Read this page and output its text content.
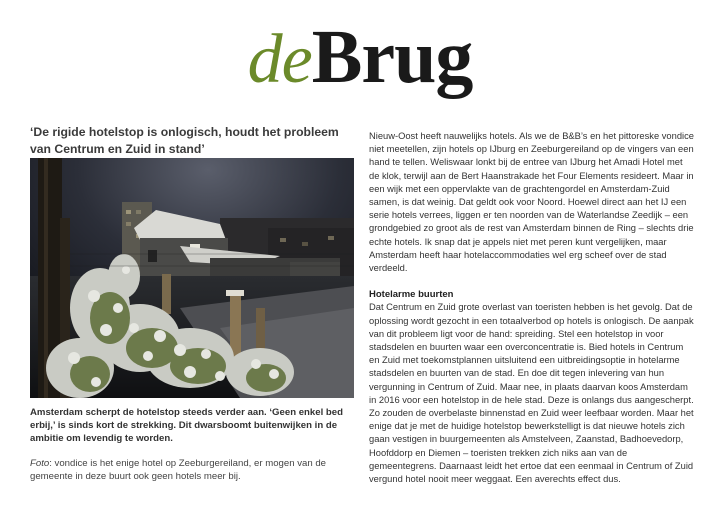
deBrug
‘De rigide hotelstop is onlogisch, houdt het probleem van Centrum en Zuid in stand’
Amsterdam scherpt de hotelstop steeds verder aan. ‘Geen enkel bed erbij,’ is sinds kort de strekking. Dit dwarsboomt buitenwijken in de ambitie om levendig te worden.
Foto: vondice is het enige hotel op Zeeburgereiland, er mogen van de gemeente in deze buurt ook geen hotels meer bij.

Nieuw-Oost heeft nauwelijks hotels. Als we de B&B’s en het pittoreske vondice niet meetellen, zijn hotels op IJburg en Zeeburgereiland op de vingers van een hand te tellen. Weliswaar lonkt bij de entree van IJburg het Amadi Hotel met de klok, terwijl aan de Bert Haanstrakade het Four Elements resideert. Maar in een wijk met een oppervlakte van de grachtengordel en Amsterdam-Zuid samen, is dat weinig. Dat geldt ook voor Noord. Hoewel direct aan het IJ een serie hotels verrees, liggen er ten noorden van de Waterlandse Zeedijk – een grondgebied zo groot als de rest van Amsterdam binnen de Ring – slechts drie echte hotels. Ik snap dat je appels niet met peren kunt vergelijken, maar Amsterdam heeft haar hotelaccommodaties wel erg scheef over de stad verdeeld.

Hotelarme buurten

Dat Centrum en Zuid grote overlast van toeristen hebben is het gevolg. Dat de oplossing wordt gezocht in een totaalverbod op hotels is onlogisch. De aanpak van dit probleem ligt voor de hand: spreiding. Stel een hotelstop in voor stadsdelen en buurten waar een overconcentratie is. Bied hotels in Centrum en Zuid met toekomstplannen uitsluitend een uitbreidingsoptie in hotelarme stadsdelen en buurten van de stad. En doe dit tegen inlevering van hun vergunning in Centrum of Zuid. Maar nee, in plaats daarvan koos Amsterdam in 2016 voor een hotelstop in de hele stad. Deze is onlangs dus aangescherpt. Zo zouden de overbelaste binnenstad en Zuid weer leefbaar worden. Maar het enige dat je met de huidige hotelstop bewerkstelligt is dat nieuwe hotels zich gaan vestigen in buurgemeenten als Amstelveen, Zaanstad, Badhoevedorp, Hoofddorp en Diemen – toeristen trekken zich niks aan van de gemeentegrens. Daarnaast leidt het ertoe dat een eenmaal in Centrum of Zuid vergund hotel nooit meer weggaat. Een averechts effect dus.
